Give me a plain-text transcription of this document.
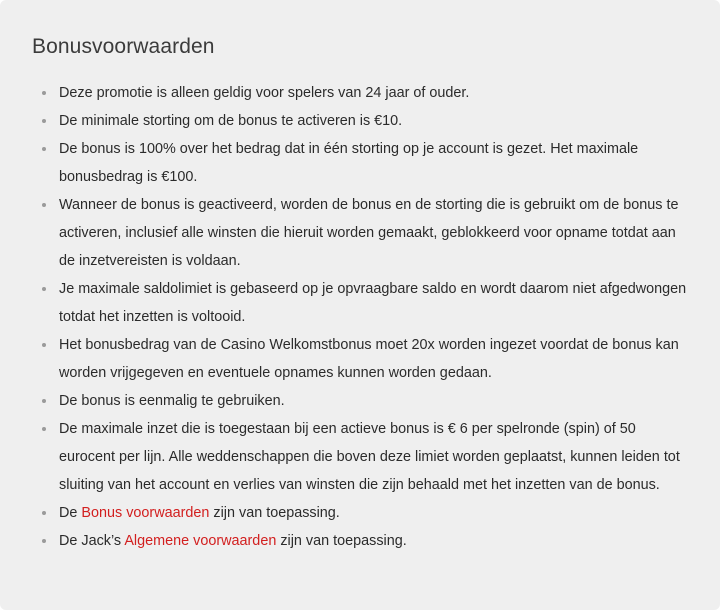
Bonusvoorwaarden
Deze promotie is alleen geldig voor spelers van 24 jaar of ouder.
De minimale storting om de bonus te activeren is €10.
De bonus is 100% over het bedrag dat in één storting op je account is gezet. Het maximale bonusbedrag is €100.
Wanneer de bonus is geactiveerd, worden de bonus en de storting die is gebruikt om de bonus te activeren, inclusief alle winsten die hieruit worden gemaakt, geblokkeerd voor opname totdat aan de inzetvereisten is voldaan.
Je maximale saldolimiet is gebaseerd op je opvraagbare saldo en wordt daarom niet afgedwongen totdat het inzetten is voltooid.
Het bonusbedrag van de Casino Welkomstbonus moet 20x worden ingezet voordat de bonus kan worden vrijgegeven en eventuele opnames kunnen worden gedaan.
De bonus is eenmalig te gebruiken.
De maximale inzet die is toegestaan bij een actieve bonus is € 6 per spelronde (spin) of 50 eurocent per lijn. Alle weddenschappen die boven deze limiet worden geplaatst, kunnen leiden tot sluiting van het account en verlies van winsten die zijn behaald met het inzetten van de bonus.
De Bonus voorwaarden zijn van toepassing.
De Jack’s Algemene voorwaarden zijn van toepassing.
